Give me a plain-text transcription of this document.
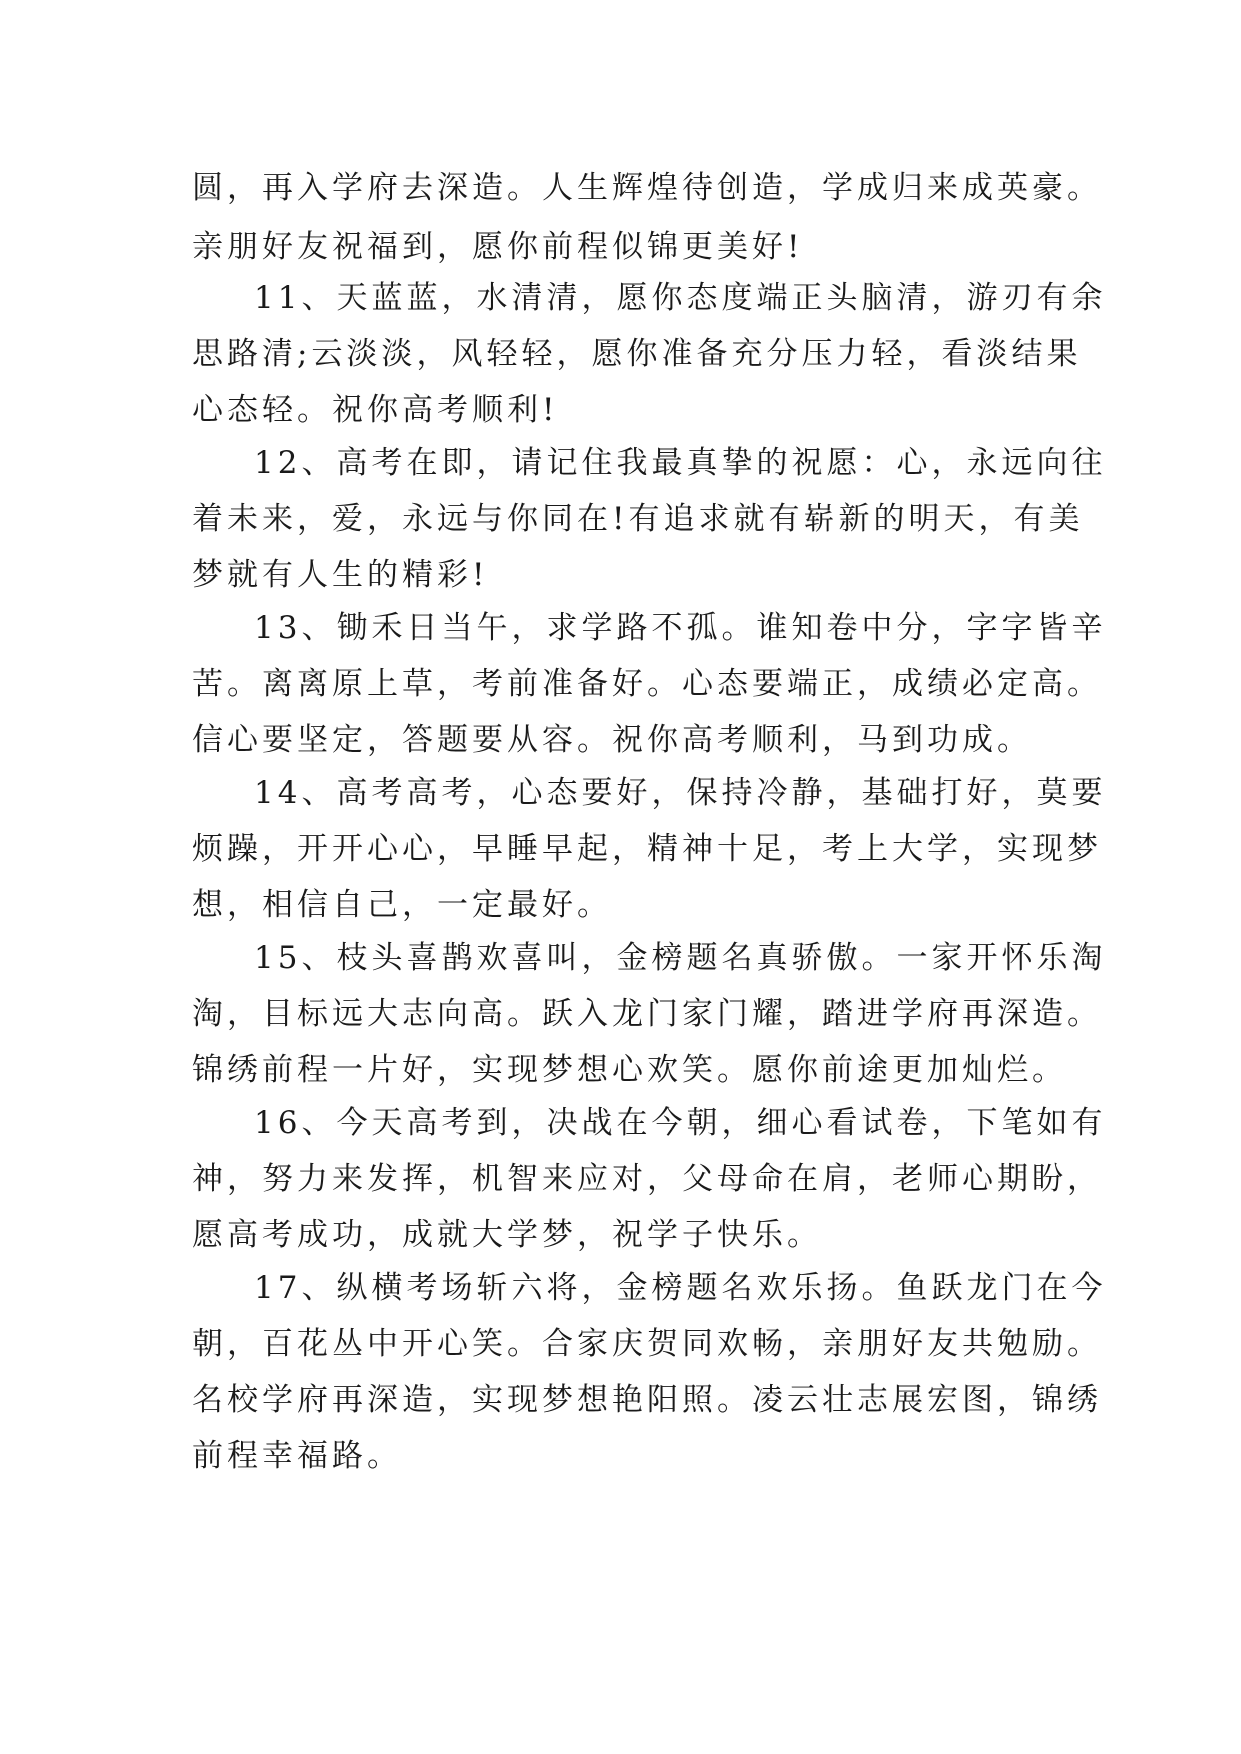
圆，再入学府去深造。人生辉煌待创造，学成归来成英豪。
亲朋好友祝福到，愿你前程似锦更美好!
11、天蓝蓝，水清清，愿你态度端正头脑清，游刃有余
思路清;云淡淡，风轻轻，愿你准备充分压力轻，看淡结果
心态轻。祝你高考顺利!
12、高考在即，请记住我最真挚的祝愿：心，永远向往
着未来，爱，永远与你同在!有追求就有崭新的明天，有美
梦就有人生的精彩!
13、锄禾日当午，求学路不孤。谁知卷中分，字字皆辛
苦。离离原上草，考前准备好。心态要端正，成绩必定高。
信心要坚定，答题要从容。祝你高考顺利，马到功成。
14、高考高考，心态要好，保持冷静，基础打好，莫要
烦躁，开开心心，早睡早起，精神十足，考上大学，实现梦
想，相信自己，一定最好。
15、枝头喜鹊欢喜叫，金榜题名真骄傲。一家开怀乐淘
淘，目标远大志向高。跃入龙门家门耀，踏进学府再深造。
锦绣前程一片好，实现梦想心欢笑。愿你前途更加灿烂。
16、今天高考到，决战在今朝，细心看试卷，下笔如有
神，努力来发挥，机智来应对，父母命在肩，老师心期盼，
愿高考成功，成就大学梦，祝学子快乐。
17、纵横考场斩六将，金榜题名欢乐扬。鱼跃龙门在今
朝，百花丛中开心笑。合家庆贺同欢畅，亲朋好友共勉励。
名校学府再深造，实现梦想艳阳照。凌云壮志展宏图，锦绣
前程幸福路。
